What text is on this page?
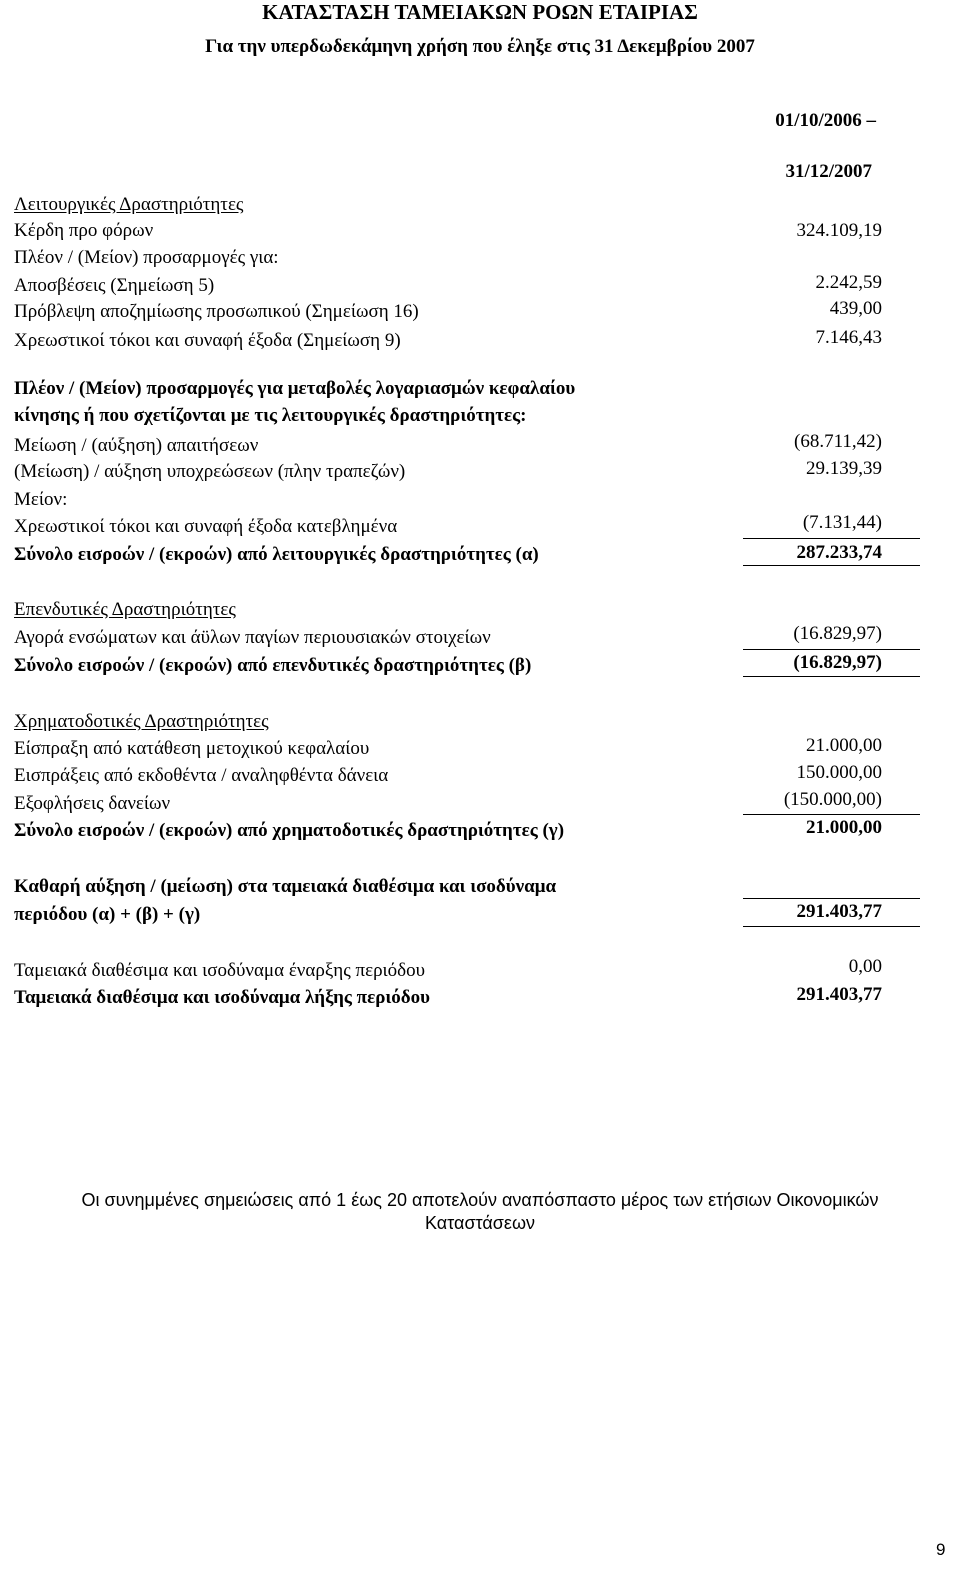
ΚΑΤΑΣΤΑΣΗ ΤΑΜΕΙΑΚΩΝ ΡΟΩΝ ΕΤΑΙΡΙΑΣ
Για την υπερδωδεκάμηνη χρήση που έληξε στις 31 Δεκεμβρίου 2007
01/10/2006 –
31/12/2007
Λειτουργικές Δραστηριότητες
Κέρδη προ φόρων	324.109,19
Πλέον / (Μείον) προσαρμογές για:
Αποσβέσεις (Σημείωση 5)	2.242,59
Πρόβλεψη αποζημίωσης προσωπικού (Σημείωση 16)	439,00
Χρεωστικοί τόκοι και συναφή έξοδα (Σημείωση 9)	7.146,43
Πλέον / (Μείον) προσαρμογές για μεταβολές λογαριασμών κεφαλαίου
κίνησης ή που σχετίζονται με τις λειτουργικές δραστηριότητες:
Μείωση / (αύξηση) απαιτήσεων	(68.711,42)
(Μείωση) / αύξηση υποχρεώσεων (πλην τραπεζών)	29.139,39
Μείον:
Χρεωστικοί τόκοι και συναφή έξοδα κατεβλημένα	(7.131,44)
Σύνολο εισροών / (εκροών) από λειτουργικές δραστηριότητες (α)	287.233,74
Επενδυτικές Δραστηριότητες
Αγορά ενσώματων και άϋλων παγίων περιουσιακών στοιχείων	(16.829,97)
Σύνολο εισροών / (εκροών) από επενδυτικές δραστηριότητες (β)	(16.829,97)
Χρηματοδοτικές Δραστηριότητες
Είσπραξη από κατάθεση μετοχικού κεφαλαίου	21.000,00
Εισπράξεις από εκδοθέντα / αναληφθέντα δάνεια	150.000,00
Εξοφλήσεις δανείων	(150.000,00)
Σύνολο εισροών / (εκροών) από χρηματοδοτικές δραστηριότητες (γ)	21.000,00
Καθαρή αύξηση / (μείωση) στα ταμειακά διαθέσιμα και ισοδύναμα
περιόδου (α) + (β) + (γ)	291.403,77
Ταμειακά διαθέσιμα και ισοδύναμα έναρξης περιόδου	0,00
Ταμειακά διαθέσιμα και ισοδύναμα λήξης περιόδου	291.403,77
Οι συνημμένες σημειώσεις από 1 έως 20 αποτελούν αναπόσπαστο μέρος των ετήσιων Οικονομικών
Καταστάσεων
9
